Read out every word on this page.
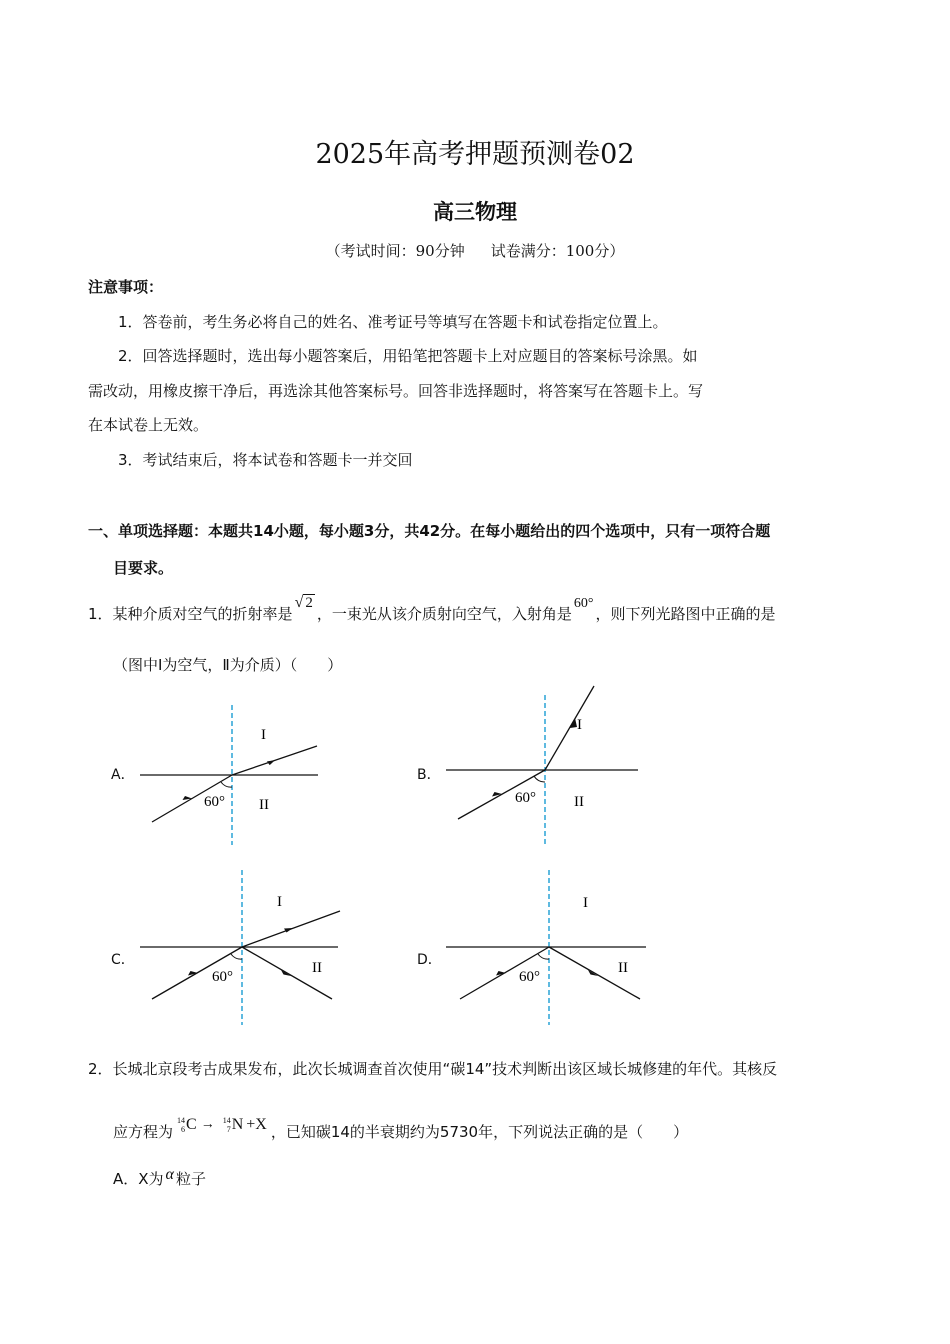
2025年高考押题预测卷02
高三物理
（考试时间：90分钟 试卷满分：100分）
注意事项：
1．答卷前，考生务必将自己的姓名、准考证号等填写在答题卡和试卷指定位置上。
2．回答选择题时，选出每小题答案后，用铅笔把答题卡上对应题目的答案标号涂黑。如
需改动，用橡皮擦干净后，再选涂其他答案标号。回答非选择题时，将答案写在答题卡上。写
在本试卷上无效。
3．考试结束后，将本试卷和答题卡一并交回
一、单项选择题：本题共14小题，每小题3分，共42分。在每小题给出的四个选项中，只有一项符合题
目要求。
1．某种介质对空气的折射率是√ 2，一束光从该介质射向空气，入射角是60°，则下列光路图中正确的是
（图中Ⅰ为空气，Ⅱ为介质）（　　）
A．	B．
C．	D．
60°
I
II	60°
I
II
60°
I
II
60°
I
II
2．长城北京段考古成果发布，此次长城调查首次使用“碳14”技术判断出该区域长城修建的年代。其核反
应方程为
14
6 C → 14
7 N +X ，已知碳14的半衰期约为5730年，下列说法正确的是（　　）
A．X为 α 粒子
